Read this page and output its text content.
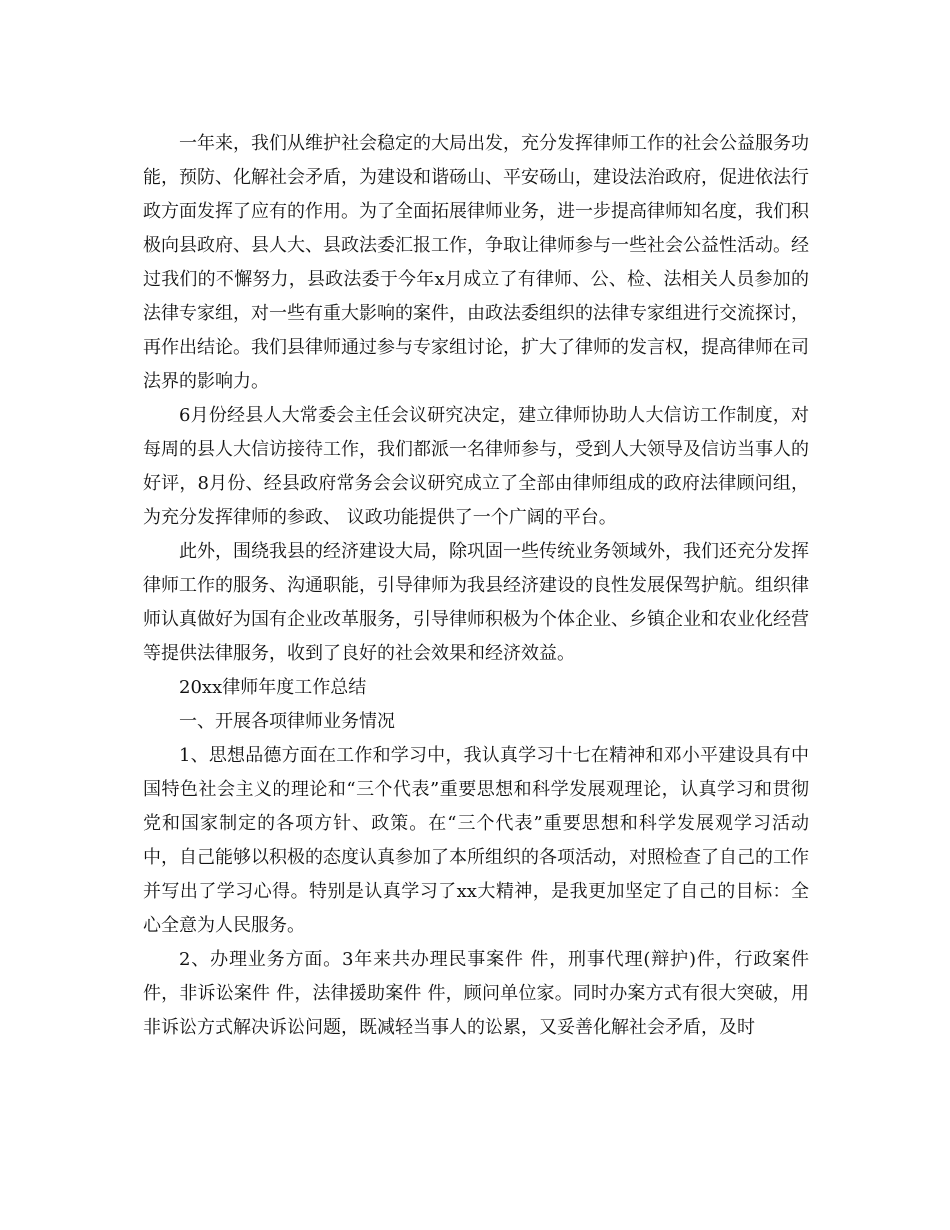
一年来，我们从维护社会稳定的大局出发，充分发挥律师工作的社会公益服务功能，预防、化解社会矛盾，为建设和谐砀山、平安砀山，建设法治政府，促进依法行政方面发挥了应有的作用。为了全面拓展律师业务，进一步提高律师知名度，我们积极向县政府、县人大、县政法委汇报工作，争取让律师参与一些社会公益性活动。经过我们的不懈努力，县政法委于今年x月成立了有律师、公、检、法相关人员参加的法律专家组，对一些有重大影响的案件，由政法委组织的法律专家组进行交流探讨，再作出结论。我们县律师通过参与专家组讨论，扩大了律师的发言权，提高律师在司法界的影响力。

6月份经县人大常委会主任会议研究决定，建立律师协助人大信访工作制度，对每周的县人大信访接待工作，我们都派一名律师参与，受到人大领导及信访当事人的好评，8月份、经县政府常务会会议研究成立了全部由律师组成的政府法律顾问组，为充分发挥律师的参政、 议政功能提供了一个广阔的平台。

此外，围绕我县的经济建设大局，除巩固一些传统业务领域外，我们还充分发挥律师工作的服务、沟通职能，引导律师为我县经济建设的良性发展保驾护航。组织律师认真做好为国有企业改革服务，引导律师积极为个体企业、乡镇企业和农业化经营等提供法律服务，收到了良好的社会效果和经济效益。

20xx律师年度工作总结

一、开展各项律师业务情况

1、思想品德方面在工作和学习中，我认真学习十七在精神和邓小平建设具有中国特色社会主义的理论和“三个代表”重要思想和科学发展观理论，认真学习和贯彻党和国家制定的各项方针、政策。在“三个代表”重要思想和科学发展观学习活动中，自己能够以积极的态度认真参加了本所组织的各项活动，对照检查了自己的工作并写出了学习心得。特别是认真学习了xx大精神，是我更加坚定了自己的目标：全心全意为人民服务。

2、办理业务方面。3年来共办理民事案件 件，刑事代理(辩护)件，行政案件件，非诉讼案件 件，法律援助案件 件，顾问单位家。同时办案方式有很大突破，用非诉讼方式解决诉讼问题，既减轻当事人的讼累，又妥善化解社会矛盾，及时
